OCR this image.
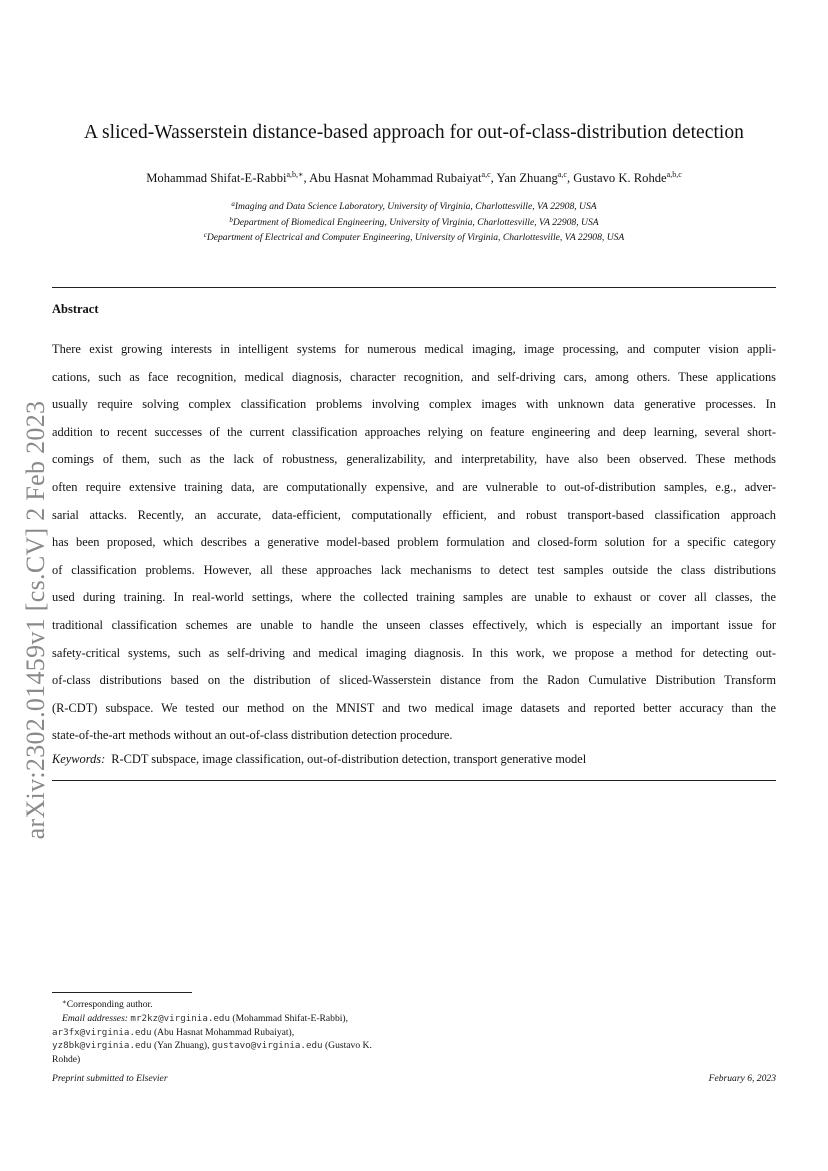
arXiv:2302.01459v1 [cs.CV] 2 Feb 2023
A sliced-Wasserstein distance-based approach for out-of-class-distribution detection
Mohammad Shifat-E-Rabbi$^{a,b,∗}$, Abu Hasnat Mohammad Rubaiyat$^{a,c}$, Yan Zhuang$^{a,c}$, Gustavo K. Rohde$^{a,b,c}$
$^a$Imaging and Data Science Laboratory, University of Virginia, Charlottesville, VA 22908, USA
$^b$Department of Biomedical Engineering, University of Virginia, Charlottesville, VA 22908, USA
$^c$Department of Electrical and Computer Engineering, University of Virginia, Charlottesville, VA 22908, USA
Abstract
There exist growing interests in intelligent systems for numerous medical imaging, image processing, and computer vision appli-
cations, such as face recognition, medical diagnosis, character recognition, and self-driving cars, among others. These applications
usually require solving complex classification problems involving complex images with unknown data generative processes. In
addition to recent successes of the current classification approaches relying on feature engineering and deep learning, several short-
comings of them, such as the lack of robustness, generalizability, and interpretability, have also been observed. These methods
often require extensive training data, are computationally expensive, and are vulnerable to out-of-distribution samples, e.g., adver-
sarial attacks. Recently, an accurate, data-efficient, computationally efficient, and robust transport-based classification approach
has been proposed, which describes a generative model-based problem formulation and closed-form solution for a specific category
of classification problems. However, all these approaches lack mechanisms to detect test samples outside the class distributions
used during training. In real-world settings, where the collected training samples are unable to exhaust or cover all classes, the
traditional classification schemes are unable to handle the unseen classes effectively, which is especially an important issue for
safety-critical systems, such as self-driving and medical imaging diagnosis. In this work, we propose a method for detecting out-
of-class distributions based on the distribution of sliced-Wasserstein distance from the Radon Cumulative Distribution Transform
(R-CDT) subspace. We tested our method on the MNIST and two medical image datasets and reported better accuracy than the
state-of-the-art methods without an out-of-class distribution detection procedure.
Keywords: R-CDT subspace, image classification, out-of-distribution detection, transport generative model
∗Corresponding author.
Email addresses: mr2kz@virginia.edu (Mohammad Shifat-E-Rabbi), ar3fx@virginia.edu (Abu Hasnat Mohammad Rubaiyat), yz8bk@virginia.edu (Yan Zhuang), gustavo@virginia.edu (Gustavo K. Rohde)
Preprint submitted to Elsevier	February 6, 2023
